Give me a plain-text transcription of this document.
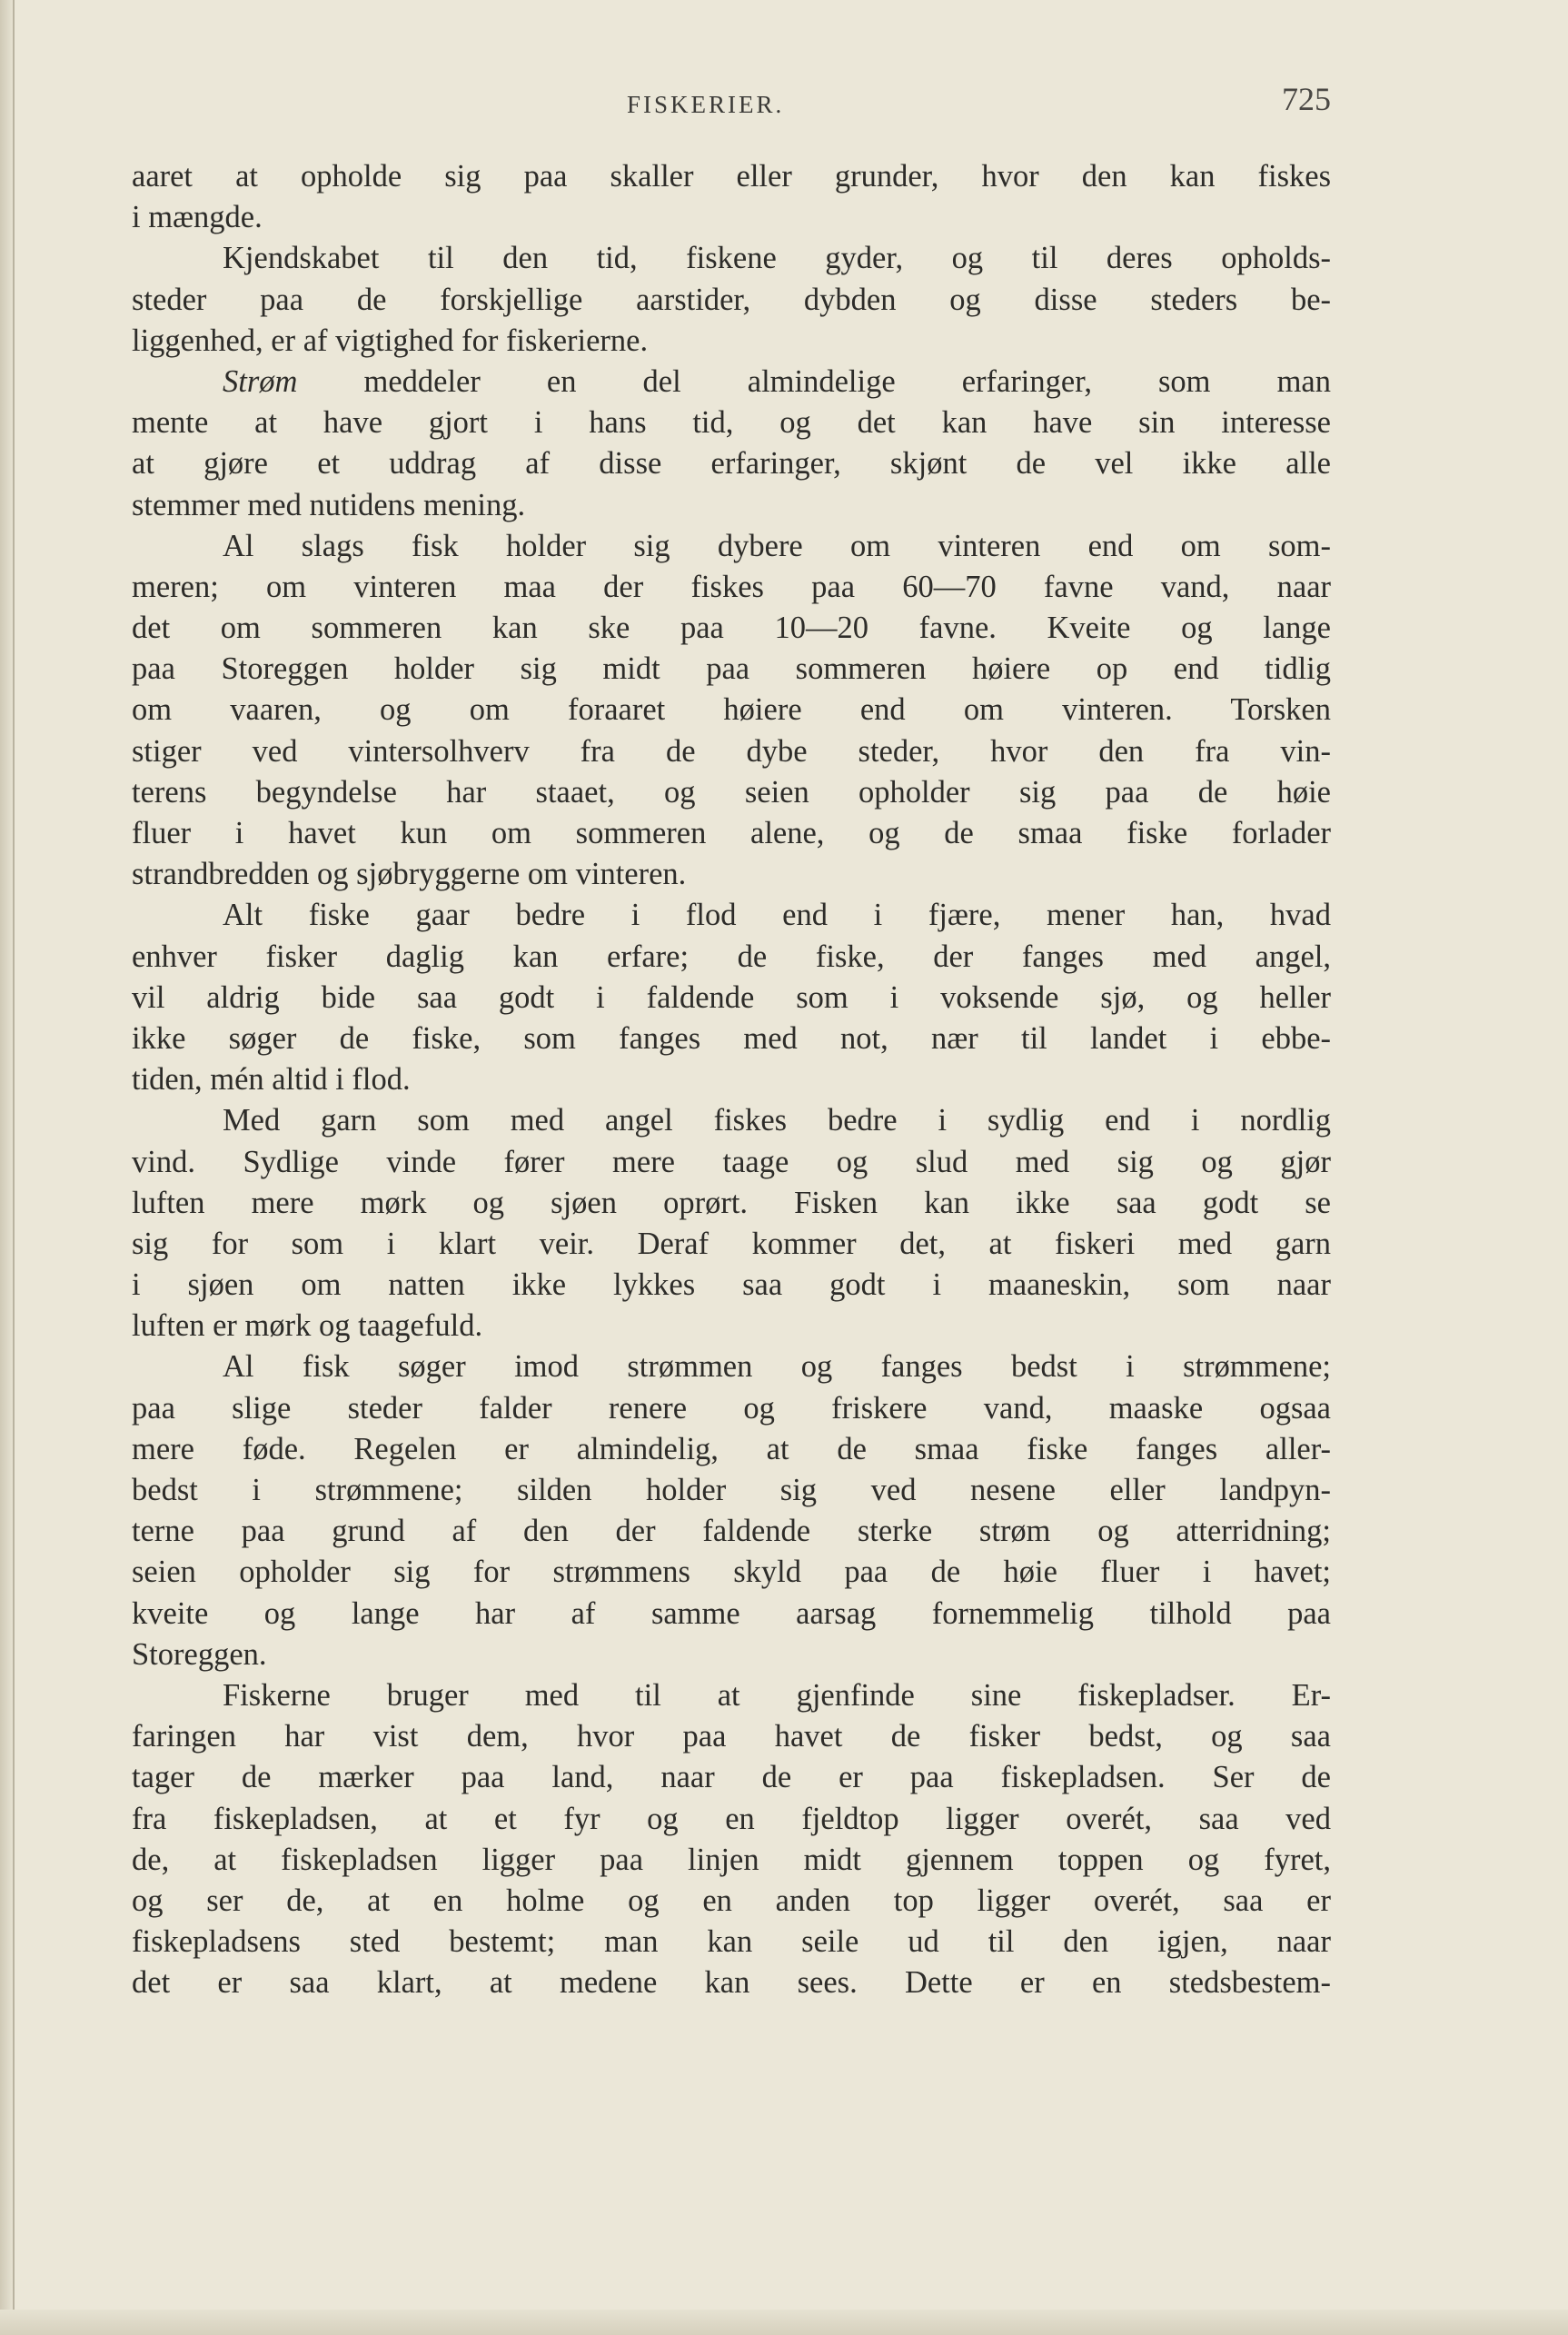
FISKERIER.	725
aaret at opholde sig paa skaller eller grunder, hvor den kan fiskes
i mængde.
Kjendskabet til den tid, fiskene gyder, og til deres opholds-
steder paa de forskjellige aarstider, dybden og disse steders be-
liggenhed, er af vigtighed for fiskerierne.
Strøm meddeler en del almindelige erfaringer, som man
mente at have gjort i hans tid, og det kan have sin interesse
at gjøre et uddrag af disse erfaringer, skjønt de vel ikke alle
stemmer med nutidens mening.
Al slags fisk holder sig dybere om vinteren end om som-
meren; om vinteren maa der fiskes paa 60—70 favne vand, naar
det om sommeren kan ske paa 10—20 favne. Kveite og lange
paa Storeggen holder sig midt paa sommeren høiere op end tidlig
om vaaren, og om foraaret høiere end om vinteren. Torsken
stiger ved vintersolhverv fra de dybe steder, hvor den fra vin-
terens begyndelse har staaet, og seien opholder sig paa de høie
fluer i havet kun om sommeren alene, og de smaa fiske forlader
strandbredden og sjøbryggerne om vinteren.
Alt fiske gaar bedre i flod end i fjære, mener han, hvad
enhver fisker daglig kan erfare; de fiske, der fanges med angel,
vil aldrig bide saa godt i faldende som i voksende sjø, og heller
ikke søger de fiske, som fanges med not, nær til landet i ebbe-
tiden, mén altid i flod.
Med garn som med angel fiskes bedre i sydlig end i nordlig
vind. Sydlige vinde fører mere taage og slud med sig og gjør
luften mere mørk og sjøen oprørt. Fisken kan ikke saa godt se
sig for som i klart veir. Deraf kommer det, at fiskeri med garn
i sjøen om natten ikke lykkes saa godt i maaneskin, som naar
luften er mørk og taagefuld.
Al fisk søger imod strømmen og fanges bedst i strømmene;
paa slige steder falder renere og friskere vand, maaske ogsaa
mere føde. Regelen er almindelig, at de smaa fiske fanges aller-
bedst i strømmene; silden holder sig ved nesene eller landpyn-
terne paa grund af den der faldende sterke strøm og atterridning;
seien opholder sig for strømmens skyld paa de høie fluer i havet;
kveite og lange har af samme aarsag fornemmelig tilhold paa
Storeggen.
Fiskerne bruger med til at gjenfinde sine fiskepladser. Er-
faringen har vist dem, hvor paa havet de fisker bedst, og saa
tager de mærker paa land, naar de er paa fiskepladsen. Ser de
fra fiskepladsen, at et fyr og en fjeldtop ligger overét, saa ved
de, at fiskepladsen ligger paa linjen midt gjennem toppen og fyret,
og ser de, at en holme og en anden top ligger overét, saa er
fiskepladsens sted bestemt; man kan seile ud til den igjen, naar
det er saa klart, at medene kan sees. Dette er en stedsbestem-
